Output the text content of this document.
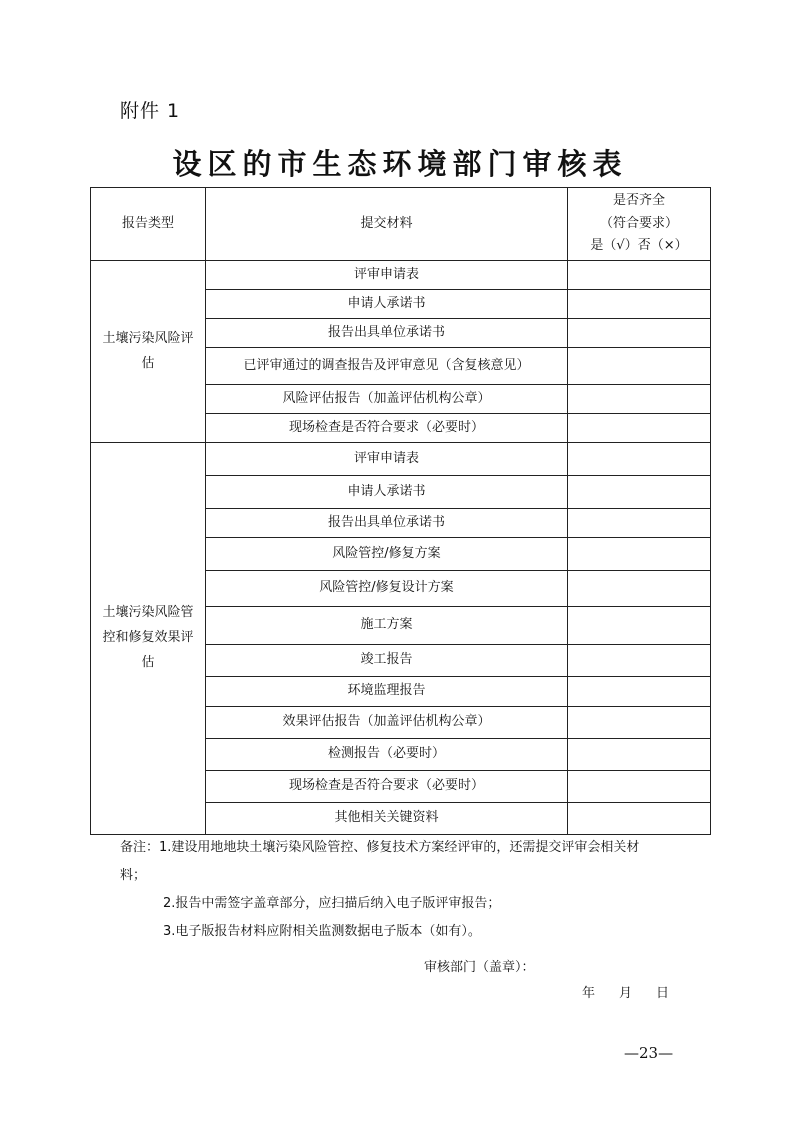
附件 1
设区的市生态环境部门审核表
报告类型	提交材料	是否齐全
（符合要求）
是（√）否（×）

土壤污染风险评估	评审申请表	
	申请人承诺书	
	报告出具单位承诺书	
	已评审通过的调查报告及评审意见（含复核意见）	
	风险评估报告（加盖评估机构公章）	
	现场检查是否符合要求（必要时）	
土壤污染风险管控和修复效果评估	评审申请表	
	申请人承诺书	
	报告出具单位承诺书	
	风险管控/修复方案	
	风险管控/修复设计方案	
	施工方案	
	竣工报告	
	环境监理报告	
	效果评估报告（加盖评估机构公章）	
	检测报告（必要时）	
	现场检查是否符合要求（必要时）	
	其他相关关键资料	
备注：1.建设用地地块土壤污染风险管控、修复技术方案经评审的，还需提交评审会相关材
料；
2.报告中需签字盖章部分，应扫描后纳入电子版评审报告；
3.电子版报告材料应附相关监测数据电子版本（如有）。
审核部门（盖章）：
年 月 日
—23—
